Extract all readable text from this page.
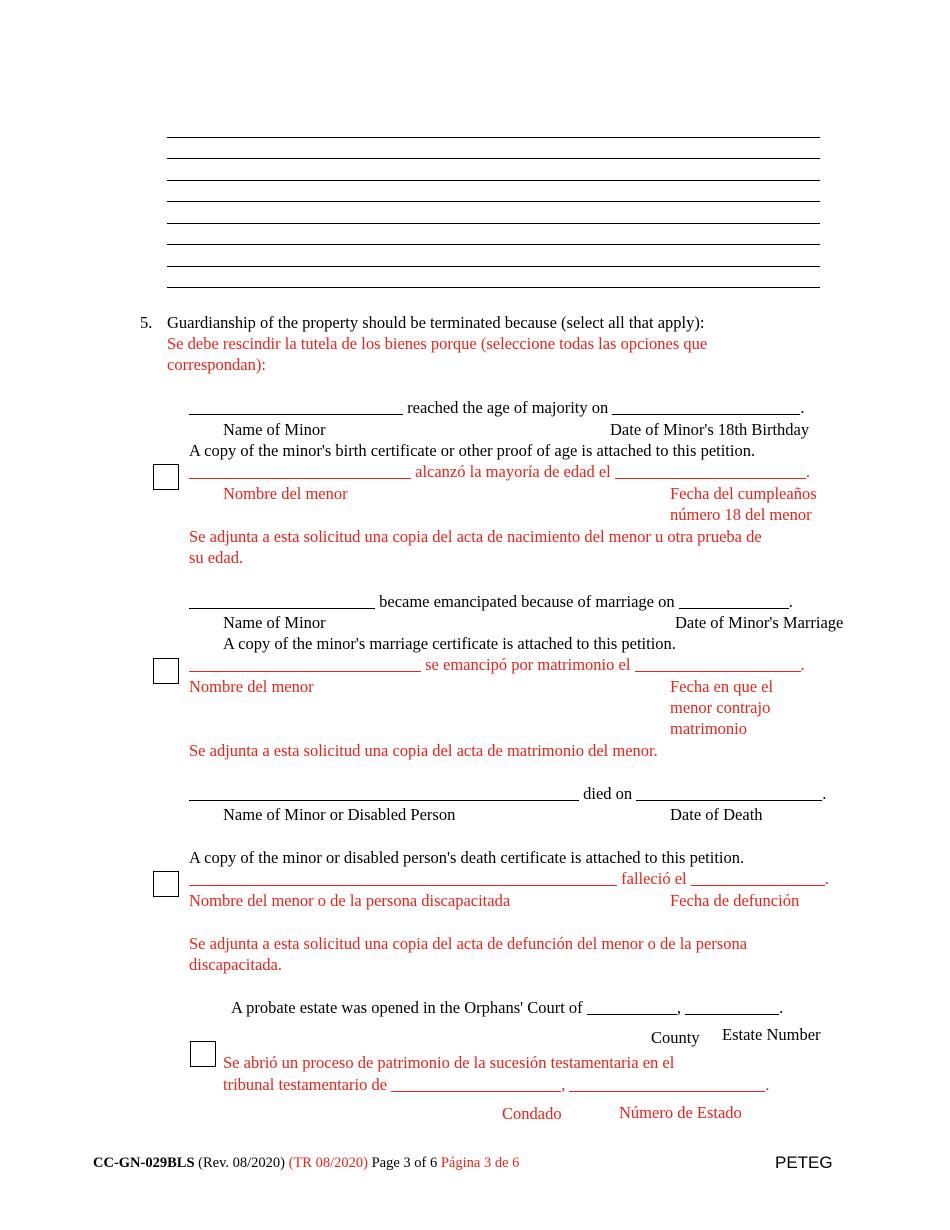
5. Guardianship of the property should be terminated because (select all that apply):
Se debe rescindir la tutela de los bienes porque (seleccione todas las opciones que
correspondan):
reached the age of majority on	.
Name of Minor	Date of Minor's 18th Birthday
A copy of the minor's birth certificate or other proof of age is attached to this petition.
alcanzó la mayoría de edad el	.
Nombre del menor	Fecha del cumpleaños
número 18 del menor
Se adjunta a esta solicitud una copia del acta de nacimiento del menor u otra prueba de
su edad.
became emancipated because of marriage on	.
Name of Minor	Date of Minor's Marriage
A copy of the minor's marriage certificate is attached to this petition.
se emancipó por matrimonio el	.
Nombre del menor	Fecha en que el
menor contrajo
matrimonio
Se adjunta a esta solicitud una copia del acta de matrimonio del menor.
died on	.
Name of Minor or Disabled Person	Date of Death
A copy of the minor or disabled person's death certificate is attached to this petition.
falleció el	.
Nombre del menor o de la persona discapacitada	Fecha de defunción
Se adjunta a esta solicitud una copia del acta de defunción del menor o de la persona
discapacitada.
A probate estate was opened in the Orphans' Court of	,	.
County Estate Number
Se abrió un proceso de patrimonio de la sucesión testamentaria en el
tribunal testamentario de	,	.
Condado	Número de Estado
CC-GN-029BLS (Rev. 08/2020) (TR 08/2020) Page 3 of 6 Página 3 de 6	PETEG
